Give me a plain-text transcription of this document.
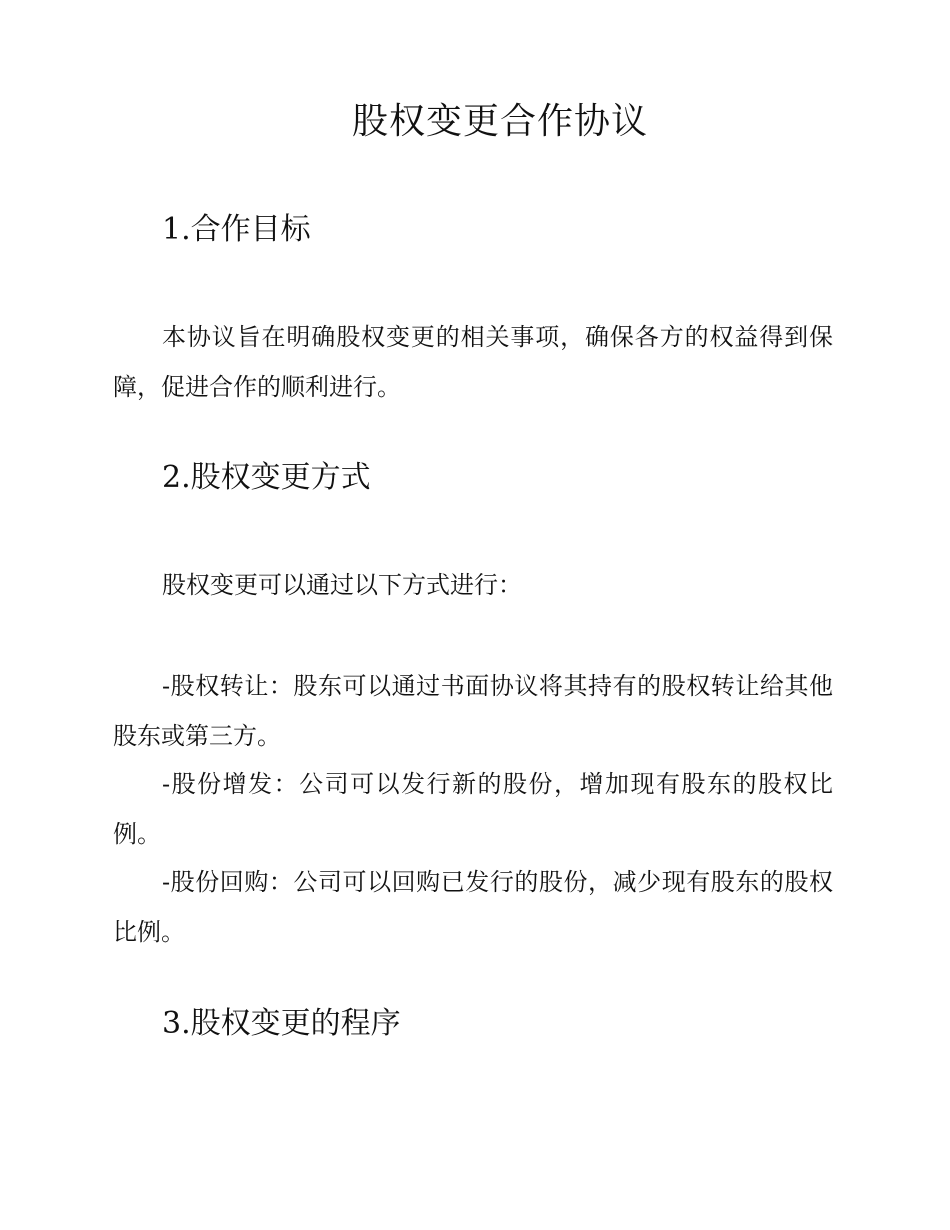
股权变更合作协议
1.合作目标

本协议旨在明确股权变更的相关事项，确保各方的权益得到保障，促进合作的顺利进行。

2.股权变更方式

股权变更可以通过以下方式进行：

-股权转让：股东可以通过书面协议将其持有的股权转让给其他股东或第三方。

-股份增发：公司可以发行新的股份，增加现有股东的股权比例。

-股份回购：公司可以回购已发行的股份，减少现有股东的股权比例。

3.股权变更的程序
